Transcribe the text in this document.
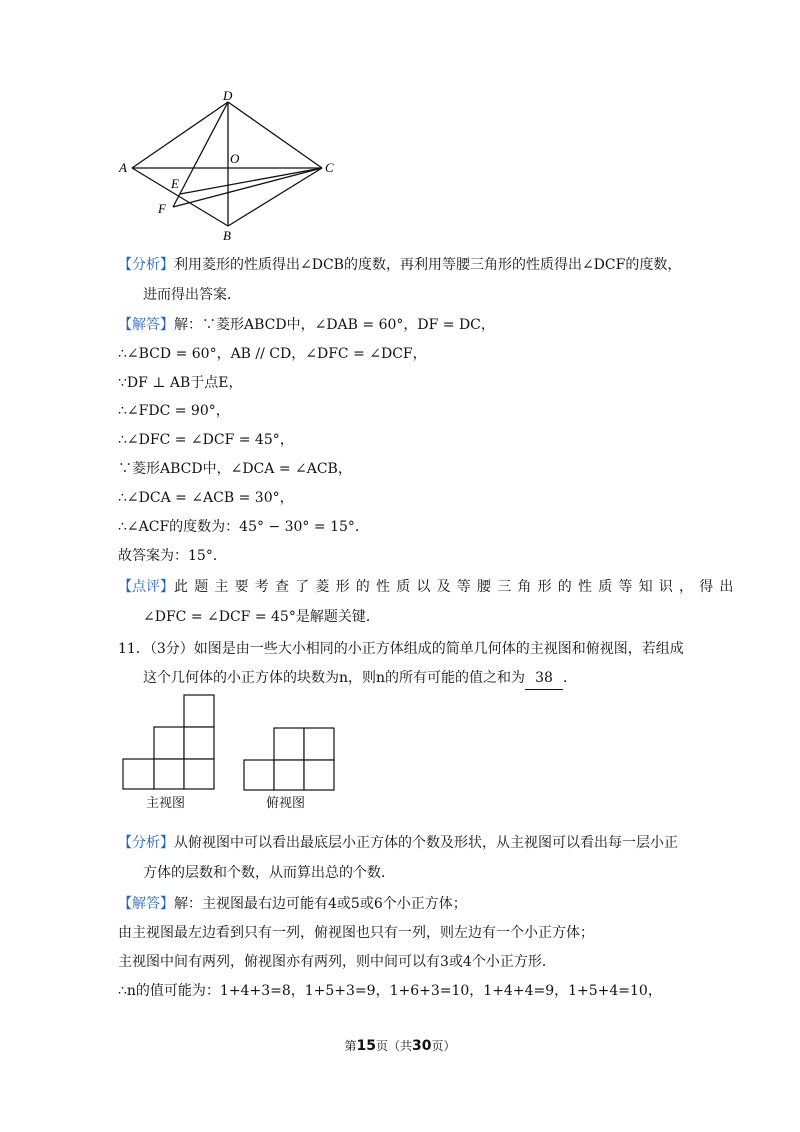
D
O
A	C
E
F
B
【分析】利用菱形的性质得出∠DCB的度数，再利用等腰三角形的性质得出∠DCF的度数，
进而得出答案．
【解答】解：∵菱形ABCD中，∠DAB = 60°，DF = DC，
∴∠BCD = 60°，AB // CD，∠DFC = ∠DCF，
∵DF ⊥ AB于点E，
∴∠FDC = 90°，
∴∠DFC = ∠DCF = 45°，
∵菱形ABCD中，∠DCA = ∠ACB，
∴∠DCA = ∠ACB = 30°，
∴∠ACF的度数为：45° − 30° = 15°．
故答案为：15°．
【点评】此题主要考查了菱形的性质以及等腰三角形的性质等知识，得出
∠DFC = ∠DCF = 45°是解题关键．
11．（3分）如图是由一些大小相同的小正方体组成的简单几何体的主视图和俯视图，若组成
这个几何体的小正方体的块数为n，则n的所有可能的值之和为 38 ．
主视图	俯视图
【分析】从俯视图中可以看出最底层小正方体的个数及形状，从主视图可以看出每一层小正
方体的层数和个数，从而算出总的个数．
【解答】解：主视图最右边可能有4或5或6个小正方体；
由主视图最左边看到只有一列，俯视图也只有一列，则左边有一个小正方体；
主视图中间有两列，俯视图亦有两列，则中间可以有3或4个小正方形．
∴n的值可能为：1+4+3=8，1+5+3=9，1+6+3=10，1+4+4=9，1+5+4=10，
第15页（共30页）
